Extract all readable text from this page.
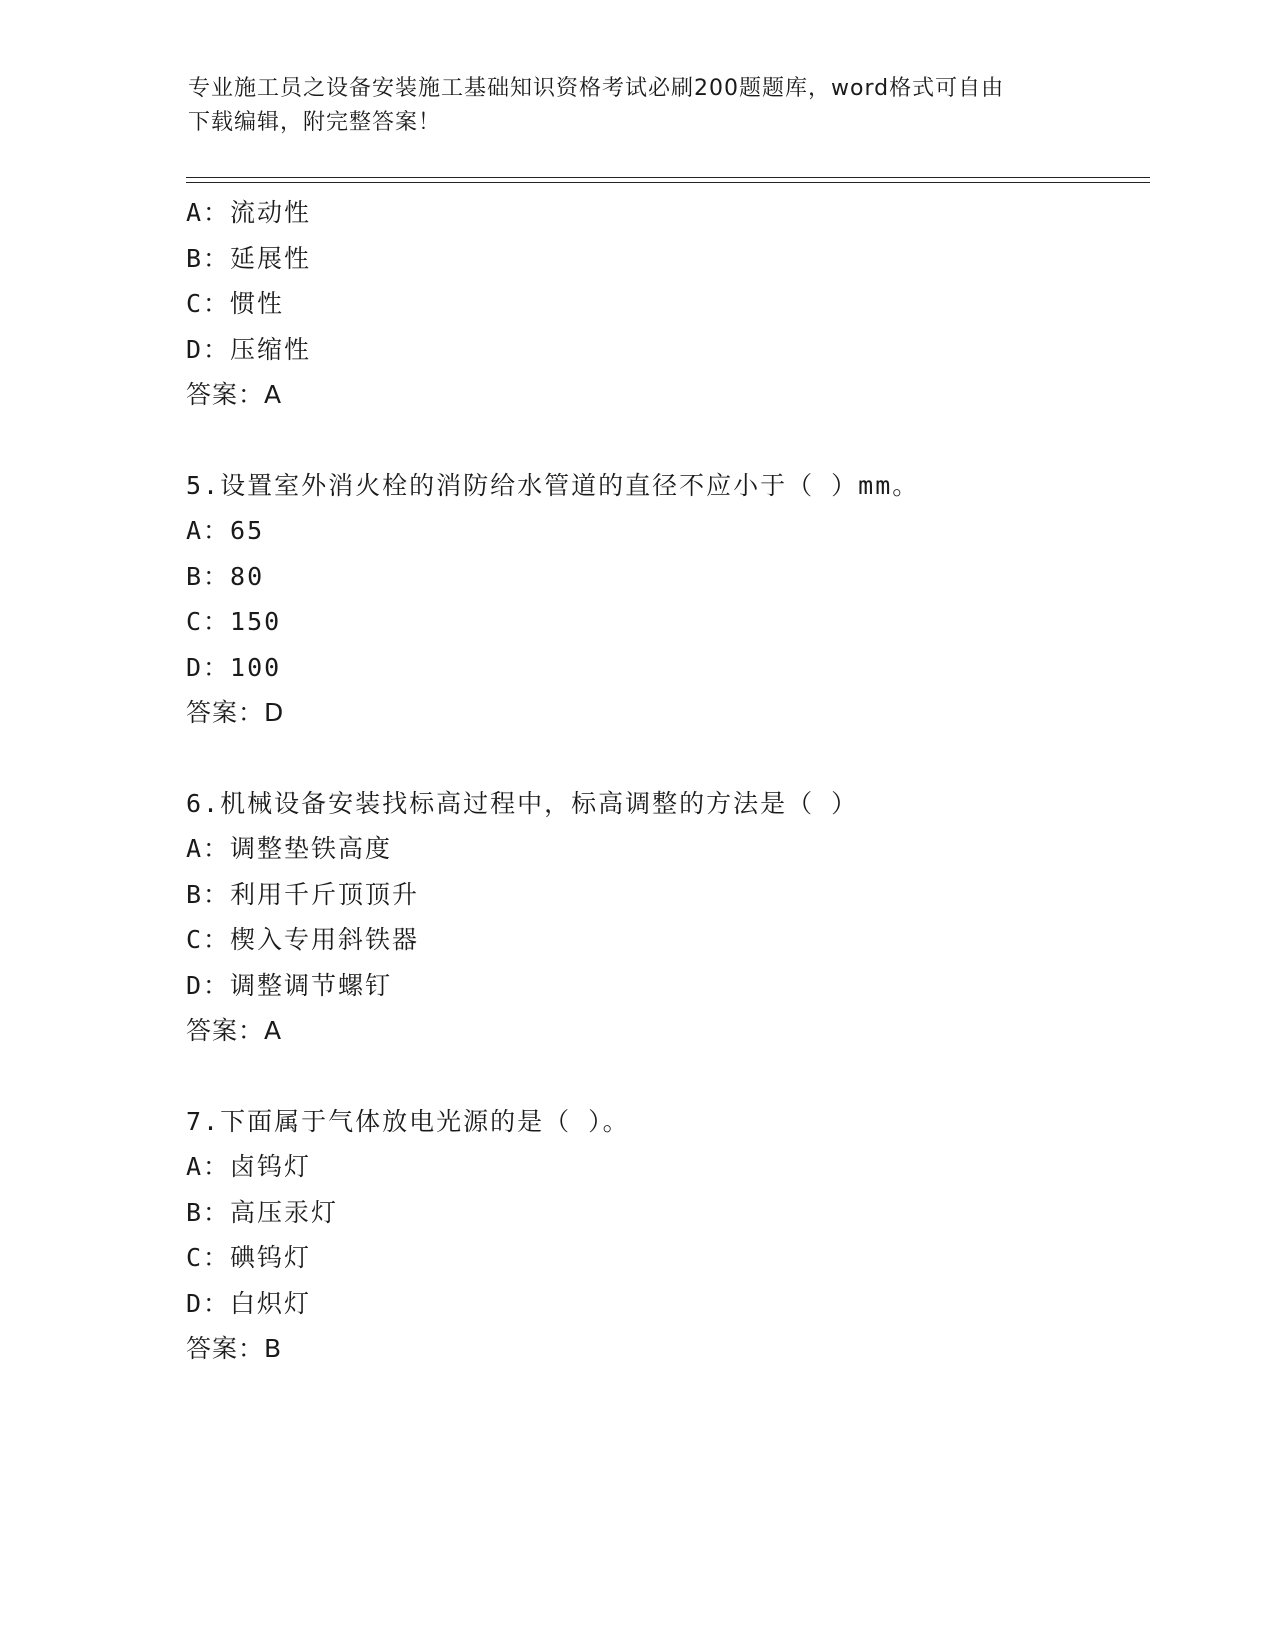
专业施工员之设备安装施工基础知识资格考试必刷200题题库，word格式可自由
下载编辑，附完整答案！
A：流动性
B：延展性
C：惯性
D：压缩性
答案：A
5.设置室外消火栓的消防给水管道的直径不应小于（ ）mm。
A：65
B：80
C：150
D：100
答案：D
6.机械设备安装找标高过程中，标高调整的方法是（ ）
A：调整垫铁高度
B：利用千斤顶顶升
C：楔入专用斜铁器
D：调整调节螺钉
答案：A
7.下面属于气体放电光源的是（ ）。
A：卤钨灯
B：高压汞灯
C：碘钨灯
D：白炽灯
答案：B
